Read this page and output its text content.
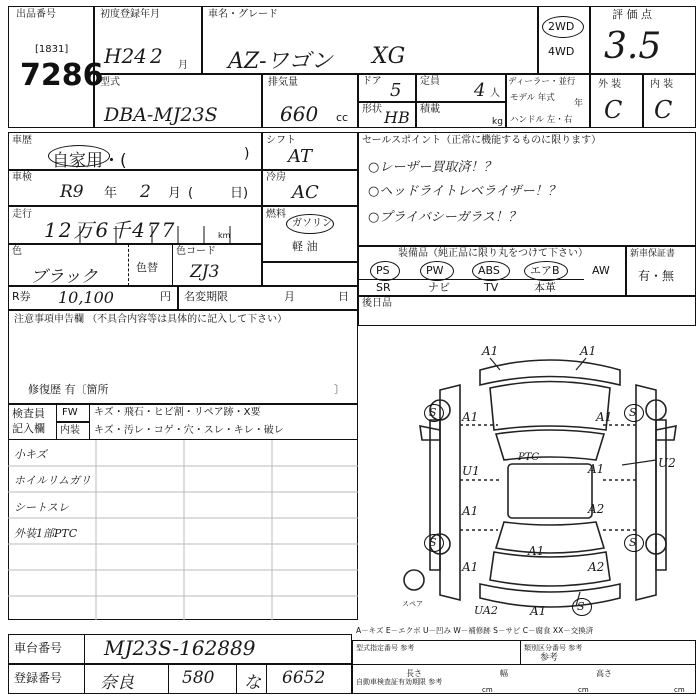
出品番号
[1831]
7286
初度登録年月
H24 2 月
車名・グレード
AZ-ワゴン XG
2WD
4WD
評 価 点
3.5
型式
DBA-MJ23S
排気量
660 cc
ドア 5 定員 4 人
形状 HB 積載
kg
ディーラー・並行
モデル 年式
年
ハンドル 左・右
外 装
C
内 装
C
車歴
自家用・(	)
シフト
AT
車検
R9 年 2 月 (	日)
冷房
AC
走行
12万6千477	km
燃料
ガソリン
軽 油
色
ブラック	色替
色コード
ZJ3
セールスポイント（正常に機能するものに限ります）
○レーザー買取済！？
○ヘッドライトレベライザー！？
○プライバシーガラス！？
装備品（純正品に限り丸をつけて下さい）
PS	PW	ABS	エアB	AW
SR	ナビ	TV	本革
新車保証書
有・無
R券 10,100	円 名変期限	月	日
後日品
注意事項申告欄 （不具合内容等は具体的に記入して下さい）
修復歴 有〔箇所	〕
検査員 記入欄
FW キズ・飛石・ヒビ割・リペア跡・X要
内装 キズ・汚レ・コゲ・穴・スレ・キレ・破レ
小キズ
ホイルリムガリ
シートスレ
外装1部PTC
A1	A1
S A1	A1 S
U1
PTC
A1	U2
A1	A2
S
A1
S
A1	A2
UA2	A1	S
スペア
A－キズ E－エクボ U－凹み W－補修跡 S－サビ C－腐食 XX－交換済
車台番号 MJ23S-162889
登録番号 奈良	580 な 6652
型式指定番号 参考	類別区分番号 参考
参考
自動車検査証有効期限 参考
長さ	幅	高さ
cm	cm	cm
